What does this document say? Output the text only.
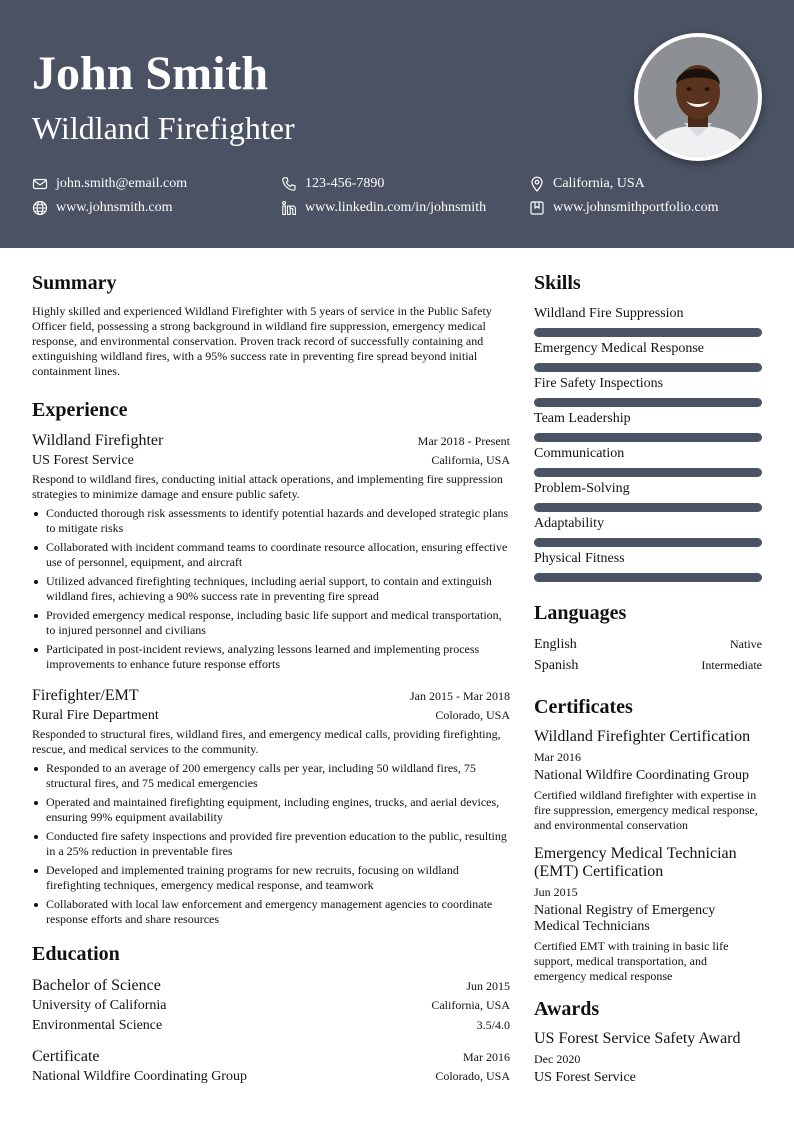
John Smith
Wildland Firefighter
john.smith@email.com	123-456-7890	California, USA
www.johnsmith.com	www.linkedin.com/in/johnsmith	www.johnsmithportfolio.com
Summary

Highly skilled and experienced Wildland Firefighter with 5 years of service in the Public Safety Officer field, possessing a strong background in wildland fire suppression, emergency medical response, and environmental conservation. Proven track record of successfully containing and extinguishing wildland fires, with a 95% success rate in preventing fire spread beyond initial containment lines.

Experience
Wildland Firefighter	Mar 2018 - Present
US Forest Service	California, USA

Respond to wildland fires, conducting initial attack operations, and implementing fire suppression strategies to minimize damage and ensure public safety.

Conducted thorough risk assessments to identify potential hazards and developed strategic plans to mitigate risks
Collaborated with incident command teams to coordinate resource allocation, ensuring effective use of personnel, equipment, and aircraft
Utilized advanced firefighting techniques, including aerial support, to contain and extinguish wildland fires, achieving a 90% success rate in preventing fire spread
Provided emergency medical response, including basic life support and medical transportation, to injured personnel and civilians
Participated in post-incident reviews, analyzing lessons learned and implementing process improvements to enhance future response efforts
Firefighter/EMT	Jan 2015 - Mar 2018
Rural Fire Department	Colorado, USA

Responded to structural fires, wildland fires, and emergency medical calls, providing firefighting, rescue, and medical services to the community.

Responded to an average of 200 emergency calls per year, including 50 wildland fires, 75 structural fires, and 75 medical emergencies
Operated and maintained firefighting equipment, including engines, trucks, and aerial devices, ensuring 99% equipment availability
Conducted fire safety inspections and provided fire prevention education to the public, resulting in a 25% reduction in preventable fires
Developed and implemented training programs for new recruits, focusing on wildland firefighting techniques, emergency medical response, and teamwork
Collaborated with local law enforcement and emergency management agencies to coordinate response efforts and share resources
Education
Bachelor of Science	Jun 2015
University of California	California, USA
Environmental Science	3.5/4.0
Certificate	Mar 2016
National Wildfire Coordinating Group	Colorado, USA
Skills
Wildland Fire Suppression
Emergency Medical Response
Fire Safety Inspections
Team Leadership
Communication
Problem-Solving
Adaptability
Physical Fitness
Languages
English	Native
Spanish	Intermediate
Certificates
Wildland Firefighter Certification
Mar 2016
National Wildfire Coordinating Group
Certified wildland firefighter with expertise in fire suppression, emergency medical response, and environmental conservation
Emergency Medical Technician (EMT) Certification
Jun 2015
National Registry of Emergency Medical Technicians
Certified EMT with training in basic life support, medical transportation, and emergency medical response
Awards
US Forest Service Safety Award
Dec 2020
US Forest Service
